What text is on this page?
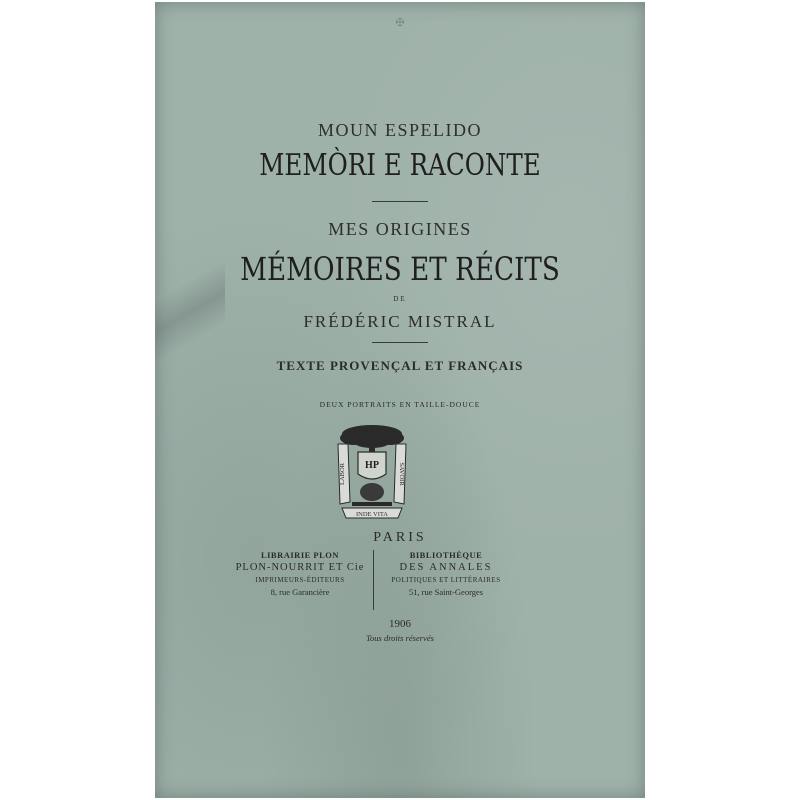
✠
MOUN ESPELIDO
MEMÒRI E RACONTE
MES ORIGINES
MÉMOIRES ET RÉCITS
DE
FRÉDÉRIC MISTRAL
TEXTE PROVENÇAL ET FRANÇAIS
DEUX PORTRAITS EN TAILLE-DOUCE
LABOR	SAVOIR
HP
INDE VITA
PARIS
LIBRAIRIE PLON
PLON-NOURRIT ET Cie
IMPRIMEURS-ÉDITEURS
8, rue Garancière
BIBLIOTHÈQUE
DES ANNALES
POLITIQUES ET LITTÉRAIRES
51, rue Saint-Georges
1906
Tous droits réservés
